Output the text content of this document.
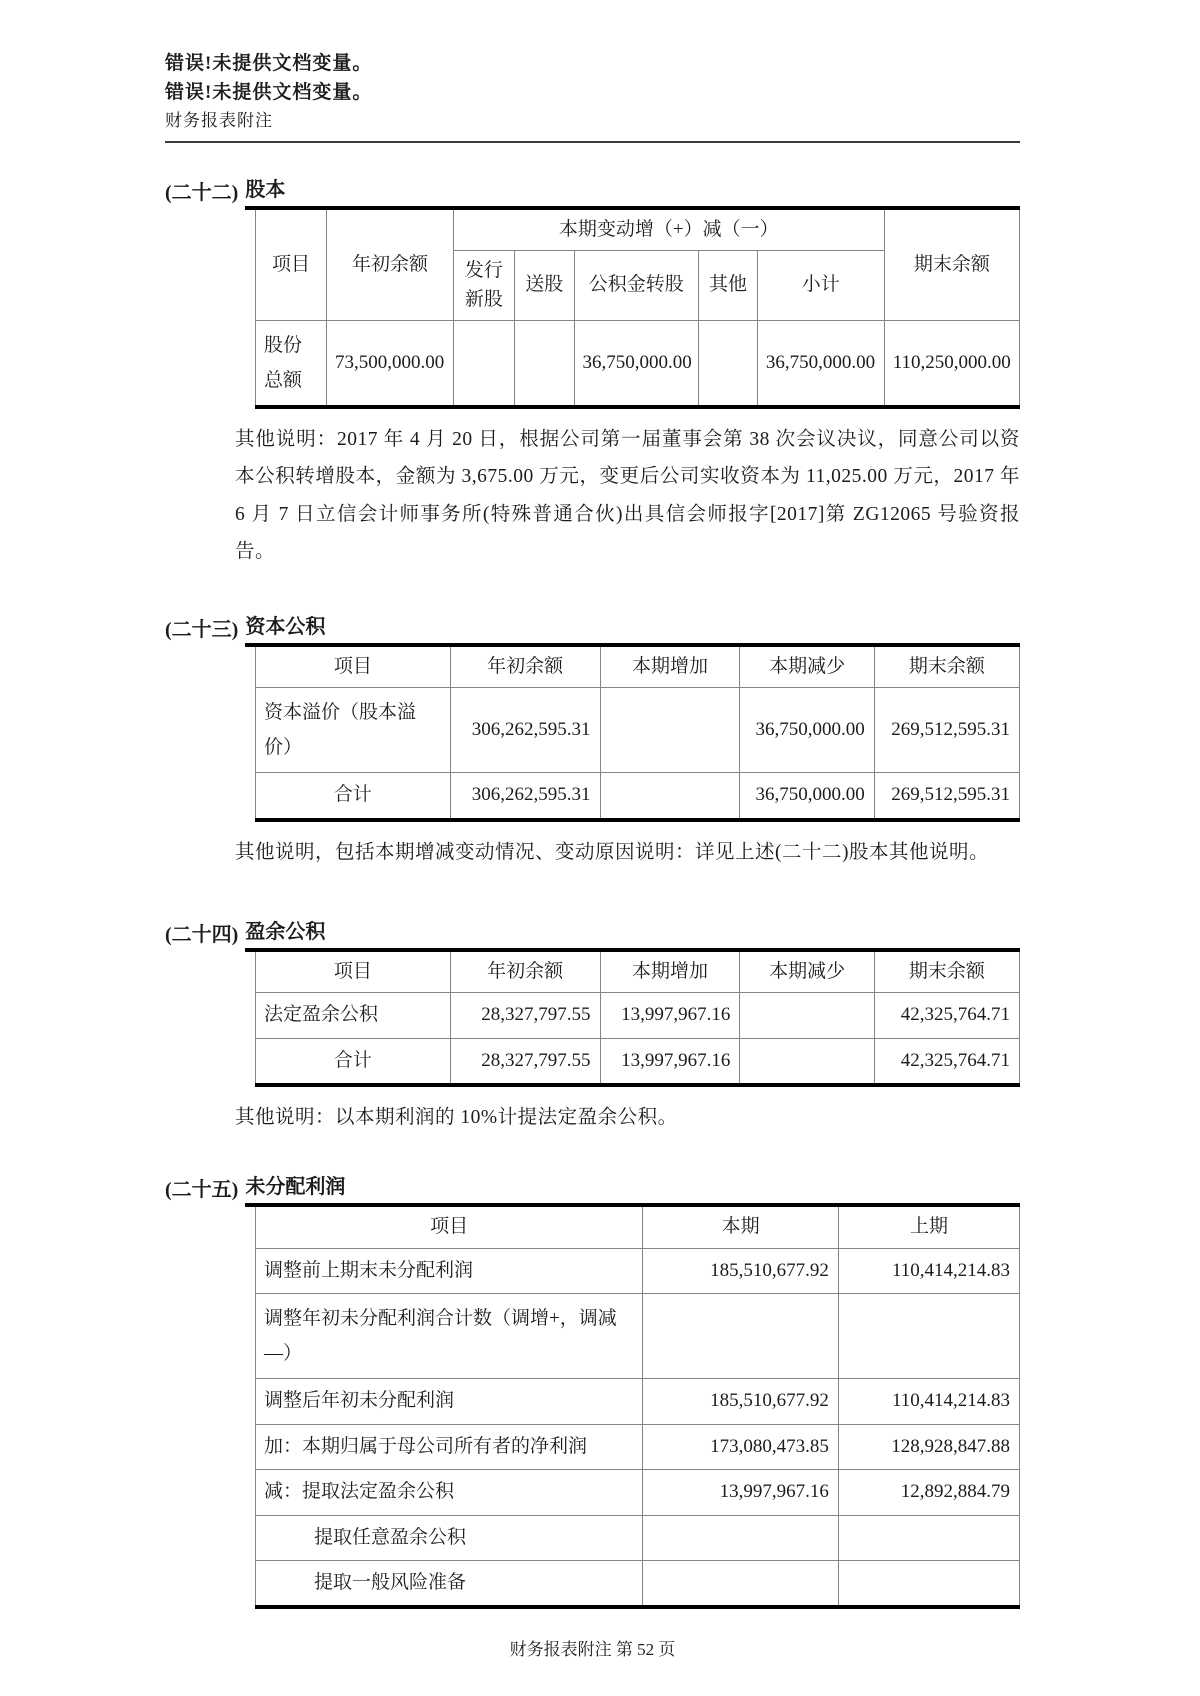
错误!未提供文档变量。
错误!未提供文档变量。
财务报表附注
(二十二) 股本
项目	年初余额	本期变动增（+）减（一）					期末余额
		发行新股	送股	公积金转股	其他	小计	
股份总额	73,500,000.00			36,750,000.00		36,750,000.00	110,250,000.00

其他说明：2017 年 4 月 20 日，根据公司第一届董事会第 38 次会议决议，同意公司以资本公积转增股本，金额为 3,675.00 万元，变更后公司实收资本为 11,025.00 万元，2017 年 6 月 7 日立信会计师事务所(特殊普通合伙)出具信会师报字[2017]第 ZG12065 号验资报告。

(二十三) 资本公积
项目	年初余额	本期增加	本期减少	期末余额
资本溢价（股本溢价）	306,262,595.31		36,750,000.00	269,512,595.31
合计	306,262,595.31		36,750,000.00	269,512,595.31

其他说明，包括本期增减变动情况、变动原因说明：详见上述(二十二)股本其他说明。

(二十四) 盈余公积
项目	年初余额	本期增加	本期减少	期末余额
法定盈余公积	28,327,797.55	13,997,967.16		42,325,764.71
合计	28,327,797.55	13,997,967.16		42,325,764.71

其他说明：以本期利润的 10%计提法定盈余公积。

(二十五) 未分配利润
项目	本期	上期
调整前上期末未分配利润	185,510,677.92	110,414,214.83
调整年初未分配利润合计数（调增+，调减—）		
调整后年初未分配利润	185,510,677.92	110,414,214.83
加：本期归属于母公司所有者的净利润	173,080,473.85	128,928,847.88
减：提取法定盈余公积	13,997,967.16	12,892,884.79
提取任意盈余公积		
提取一般风险准备		
财务报表附注 第 52 页
